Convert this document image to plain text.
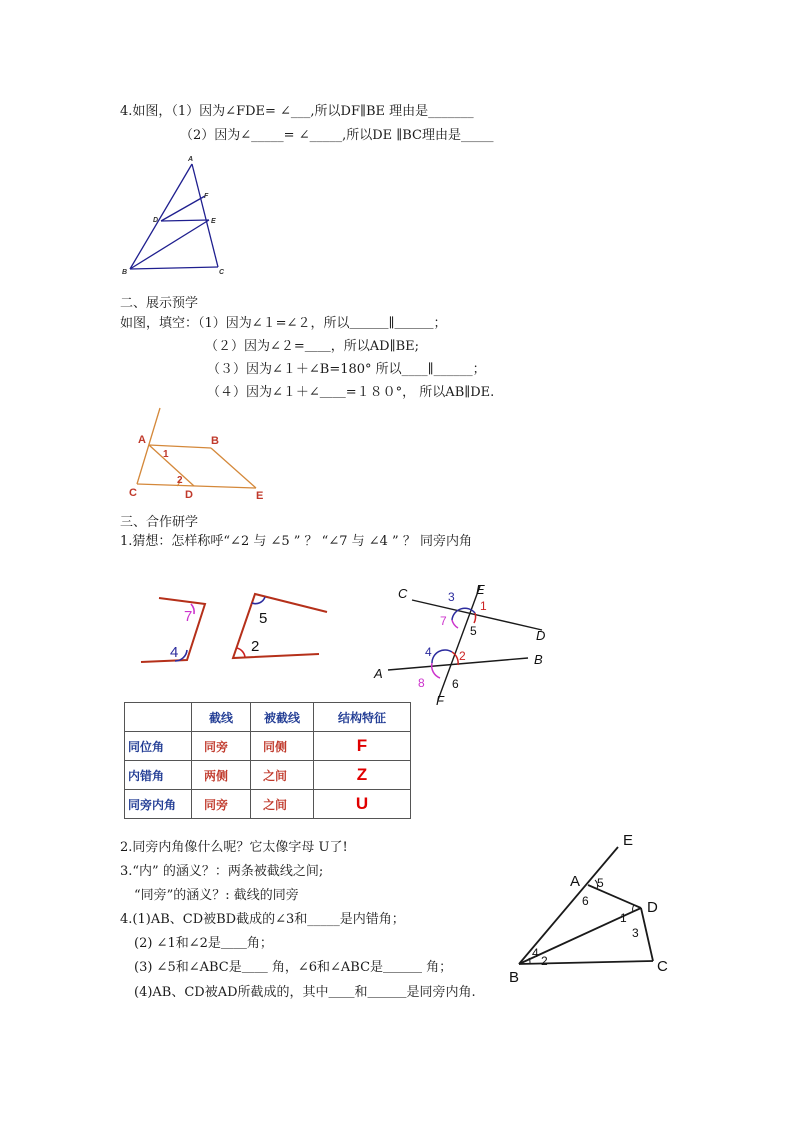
4.如图，（1）因为∠FDE= ∠___,所以DF∥BE 理由是_______
（2）因为∠_____= ∠_____,所以DE ∥BC理由是_____
A
F
D	E
B	C
二、展示预学
如图，填空：（1）因为∠１=∠２，所以＿＿＿∥＿＿＿；
（２）因为∠２=＿＿，所以AD∥BE;
（３）因为∠１＋∠B=180° 所以____∥______；
（４）因为∠１＋∠＿＿=１８０°， 所以AB∥DE.
A	B
1
2
C	D	E
三、合作研学
1.猜想：怎样称呼“∠2 与 ∠5 ” ？ “∠7 与 ∠4 ” ？ 同旁内角
7
4
5
2
C	E
3
1
7
5	D
4 2	B
A
8 6
F
	截线	被截线	结构特征
同位角	同旁	同侧	F
内错角	两侧	之间	Z
同旁内角	同旁	之间	U
2.同旁内角像什么呢？它太像字母 U了!
3.“内” 的涵义？：两条被截线之间;
“同旁”的涵义？: 截线的同旁
4.(1)AB、CD被BD截成的∠3和_____是内错角；
(2) ∠1和∠2是＿＿角；
(3) ∠5和∠ABC是＿＿ 角，∠6和∠ABC是＿＿＿ 角；
(4)AB、CD被AD所截成的，其中＿＿和＿＿＿是同旁内角.
E
A 5
6	D
1
3
4
2
B
C
